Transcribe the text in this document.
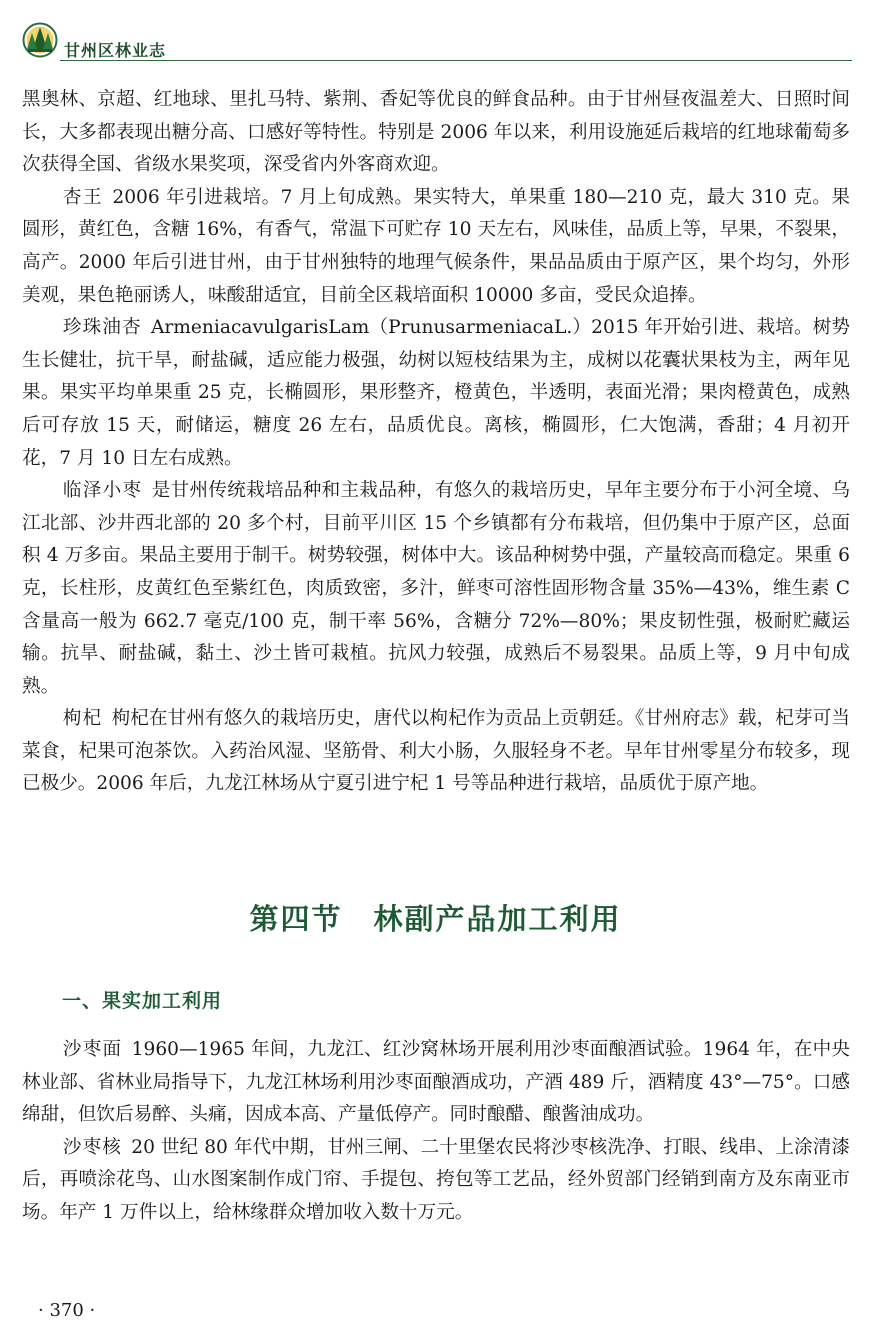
甘州区林业志

黑奥林、京超、红地球、里扎马特、紫荆、香妃等优良的鲜食品种。由于甘州昼夜温差大、日照时间长，大多都表现出糖分高、口感好等特性。特别是 2006 年以来，利用设施延后栽培的红地球葡萄多次获得全国、省级水果奖项，深受省内外客商欢迎。

杏王 2006 年引进栽培。7 月上旬成熟。果实特大，单果重 180—210 克，最大 310 克。果圆形，黄红色，含糖 16%，有香气，常温下可贮存 10 天左右，风味佳，品质上等，早果，不裂果，高产。2000 年后引进甘州，由于甘州独特的地理气候条件，果品品质由于原产区，果个均匀，外形美观，果色艳丽诱人，味酸甜适宜，目前全区栽培面积 10000 多亩，受民众追捧。

珍珠油杏 ArmeniacavulgarisLam（PrunusarmeniacaL.）2015 年开始引进、栽培。树势生长健壮，抗干旱，耐盐碱，适应能力极强，幼树以短枝结果为主，成树以花囊状果枝为主，两年见果。果实平均单果重 25 克，长椭圆形，果形整齐，橙黄色，半透明，表面光滑；果肉橙黄色，成熟后可存放 15 天，耐储运，糖度 26 左右，品质优良。离核，椭圆形，仁大饱满，香甜；4 月初开花，7 月 10 日左右成熟。

临泽小枣 是甘州传统栽培品种和主栽品种，有悠久的栽培历史，早年主要分布于小河全境、乌江北部、沙井西北部的 20 多个村，目前平川区 15 个乡镇都有分布栽培，但仍集中于原产区，总面积 4 万多亩。果品主要用于制干。树势较强，树体中大。该品种树势中强，产量较高而稳定。果重 6 克，长柱形，皮黄红色至紫红色，肉质致密，多汁，鲜枣可溶性固形物含量 35%—43%，维生素 C 含量高一般为 662.7 毫克/100 克，制干率 56%，含糖分 72%—80%；果皮韧性强，极耐贮藏运输。抗旱、耐盐碱，黏土、沙土皆可栽植。抗风力较强，成熟后不易裂果。品质上等，9 月中旬成熟。

枸杞 枸杞在甘州有悠久的栽培历史，唐代以枸杞作为贡品上贡朝廷。《甘州府志》载，杞芽可当菜食，杞果可泡茶饮。入药治风湿、坚筋骨、利大小肠，久服轻身不老。早年甘州零星分布较多，现已极少。2006 年后，九龙江林场从宁夏引进宁杞 1 号等品种进行栽培，品质优于原产地。

第四节　林副产品加工利用
一、果实加工利用

沙枣面 1960—1965 年间，九龙江、红沙窝林场开展利用沙枣面酿酒试验。1964 年，在中央林业部、省林业局指导下，九龙江林场利用沙枣面酿酒成功，产酒 489 斤，酒精度 43°—75°。口感绵甜，但饮后易醉、头痛，因成本高、产量低停产。同时酿醋、酿酱油成功。

沙枣核 20 世纪 80 年代中期，甘州三闸、二十里堡农民将沙枣核洗净、打眼、线串、上涂清漆后，再喷涂花鸟、山水图案制作成门帘、手提包、挎包等工艺品，经外贸部门经销到南方及东南亚市场。年产 1 万件以上，给林缘群众增加收入数十万元。

· 370 ·
